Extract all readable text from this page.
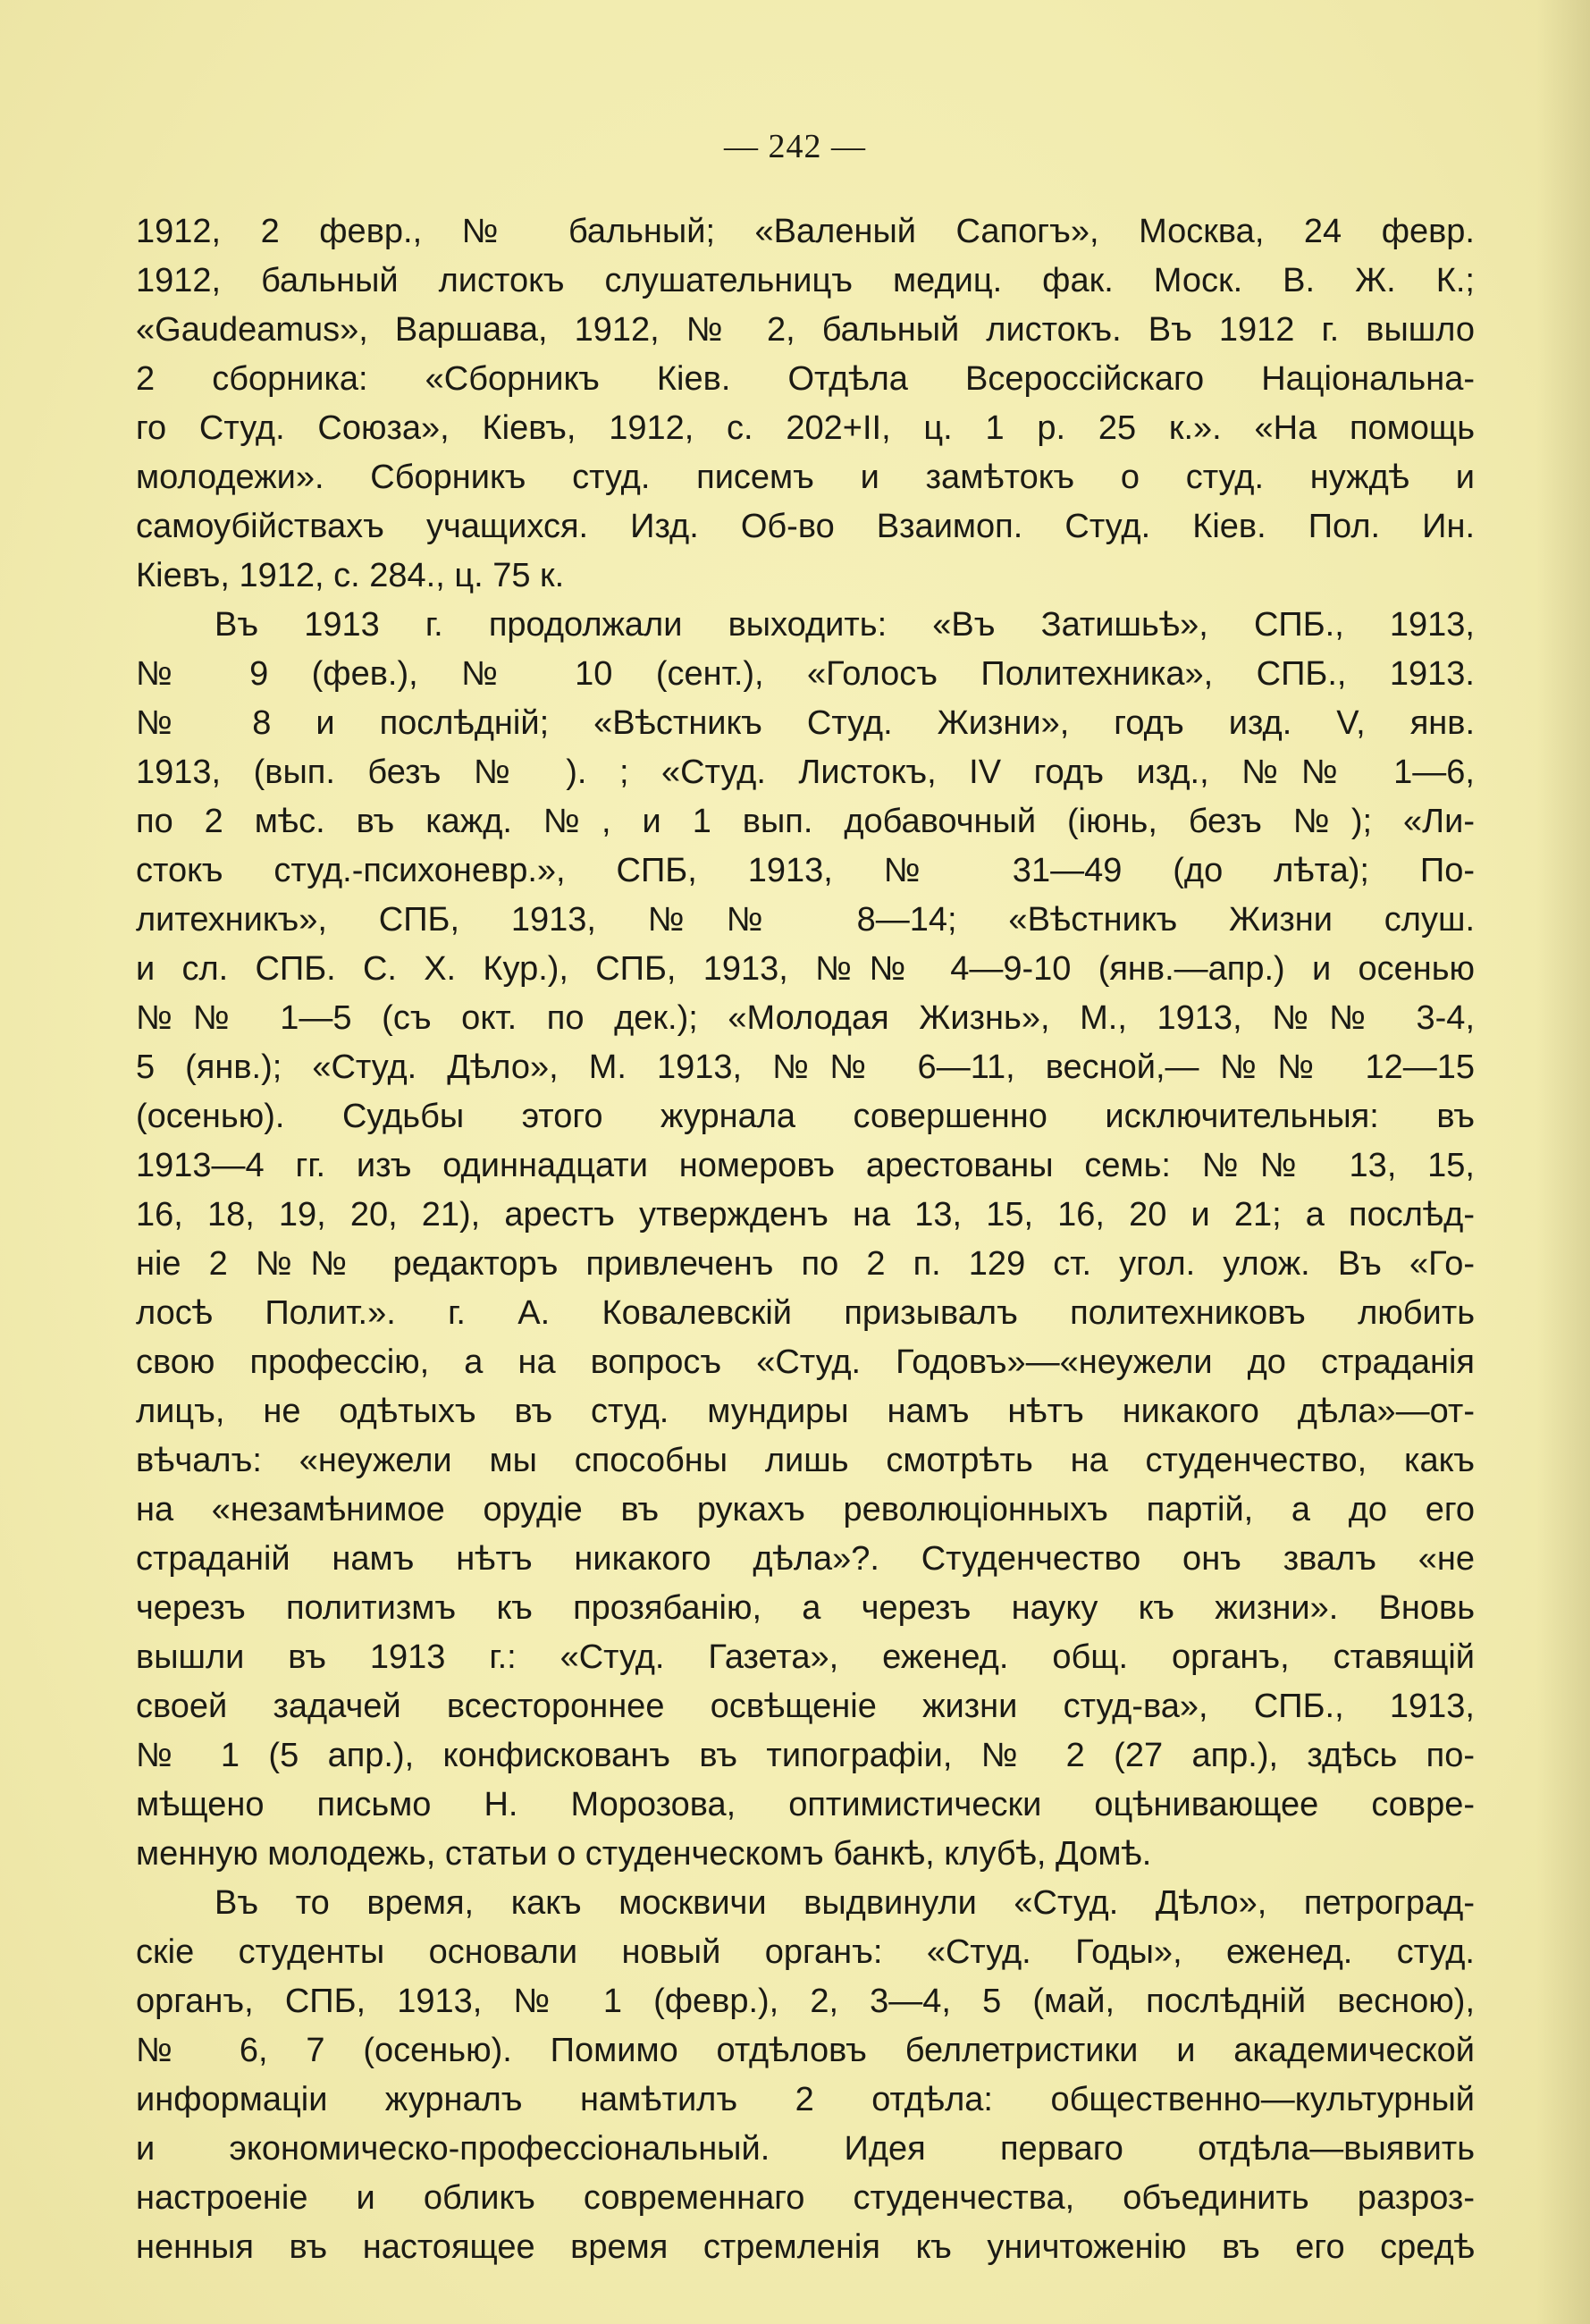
— 242 —
1912, 2 февр., № бальный; «Валеный Сапогъ», Москва, 24 февр.
1912, бальный листокъ слушательницъ медиц. фак. Моск. В. Ж. К.;
«Gaudeamus», Варшава, 1912, № 2, бальный листокъ. Въ 1912 г. вышло
2 сборника: «Сборникъ Кіев. Отдѣла Всероссійскаго Національна-
го Студ. Союза», Кіевъ, 1912, с. 202+II, ц. 1 р. 25 к.». «На помощь
молодежи». Сборникъ студ. писемъ и замѣтокъ о студ. нуждѣ и
самоубійствахъ учащихся. Изд. Об-во Взаимоп. Студ. Кіев. Пол. Ин.
Кіевъ, 1912, с. 284., ц. 75 к.
Въ 1913 г. продолжали выходить: «Въ Затишьѣ», СПБ., 1913,
№ 9 (фев.), № 10 (сент.), «Голосъ Политехника», СПБ., 1913.
№ 8 и послѣдній; «Вѣстникъ Студ. Жизни», годъ изд. V, янв.
1913, (вып. безъ № ). ; «Студ. Листокъ, IV годъ изд., №№ 1—6,
по 2 мѣс. въ кажд. №, и 1 вып. добавочный (іюнь, безъ №); «Ли-
стокъ студ.-психоневр.», СПБ, 1913, № 31—49 (до лѣта); По-
литехникъ», СПБ, 1913, №№ 8—14; «Вѣстникъ Жизни слуш.
и сл. СПБ. С. Х. Кур.), СПБ, 1913, №№ 4—9-10 (янв.—апр.) и осенью
№№ 1—5 (съ окт. по дек.); «Молодая Жизнь», М., 1913, №№ 3-4,
5 (янв.); «Студ. Дѣло», М. 1913, №№ 6—11, весной,—№№ 12—15
(осенью). Судьбы этого журнала совершенно исключительныя: въ
1913—4 гг. изъ одиннадцати номеровъ арестованы семь: №№ 13, 15,
16, 18, 19, 20, 21), арестъ утвержденъ на 13, 15, 16, 20 и 21; а послѣд-
ніе 2 №№ редакторъ привлеченъ по 2 п. 129 ст. угол. улож. Въ «Го-
лосѣ Полит.». г. А. Ковалевскій призывалъ политехниковъ любить
свою профессію, а на вопросъ «Студ. Годовъ»—«неужели до страданія
лицъ, не одѣтыхъ въ студ. мундиры намъ нѣтъ никакого дѣла»—от-
вѣчалъ: «неужели мы способны лишь смотрѣть на студенчество, какъ
на «незамѣнимое орудіе въ рукахъ революціонныхъ партій, а до его
страданій намъ нѣтъ никакого дѣла»?. Студенчество онъ звалъ «не
черезъ политизмъ къ прозябанію, а черезъ науку къ жизни». Вновь
вышли въ 1913 г.: «Студ. Газета», еженед. общ. органъ, ставящій
своей задачей всестороннее освѣщеніе жизни студ-ва», СПБ., 1913,
№ 1 (5 апр.), конфискованъ въ типографіи, № 2 (27 апр.), здѣсь по-
мѣщено письмо Н. Морозова, оптимистически оцѣнивающее совре-
менную молодежь, статьи о студенческомъ банкѣ, клубѣ, Домѣ.
Въ то время, какъ москвичи выдвинули «Студ. Дѣло», петроград-
скіе студенты основали новый органъ: «Студ. Годы», еженед. студ.
органъ, СПБ, 1913, № 1 (февр.), 2, 3—4, 5 (май, послѣдній весною),
№ 6, 7 (осенью). Помимо отдѣловъ беллетристики и академической
информаціи журналъ намѣтилъ 2 отдѣла: общественно—культурный
и экономическо-профессіональный. Идея перваго отдѣла—выявить
настроеніе и обликъ современнаго студенчества, объединить разроз-
ненныя въ настоящее время стремленія къ уничтоженію въ его средѣ
